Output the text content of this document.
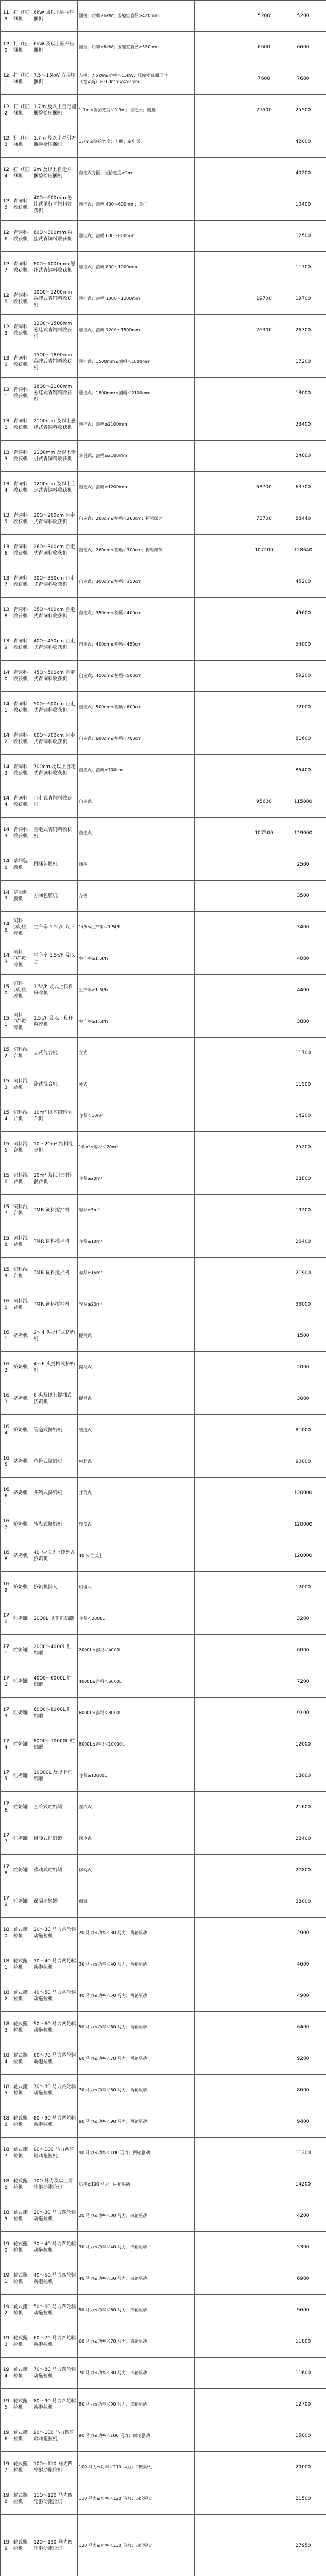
119	打（压）捆机	6kW 及以上圆捆压捆机	圆捆；功率≥6kW；压缩室直径≥420mm			5200	5200
120	打（压）捆机	6kW 及以上圆捆压捆机	圆捆；功率≥6kW；压缩室直径≥520mm			6600	6600
121	打（压）捆机	7.5～15kW 方捆压捆机	方捆；7.5kW≤功率＜15kW；压缩室截面尺寸（宽×高）≥360mm×450mm			7600	7600
122	打（压）捆机	1.7m 及以上自走圆捆捡拾压捆机	1.7m≤捡拾宽度＜1.9m；自走式；圆捆			25500	25500
123	打（压）捆机	1.7m 及以上牵引方捆捡拾压捆机	1.7m≤捡拾宽度；方捆；牵引式				42000
124	打（压）捆机	2m 及以上自走方捆捡拾压捆机	自走式方捆；捡拾宽度≥2m				40200
125	青饲料收获机	400～600mm 悬挂式单行青饲料收获机	悬挂式；割幅 400～600mm；单行				10400
126	青饲料收获机	600～800mm 悬挂式青饲料收获机	悬挂式；割幅 600～800mm				12500
127	青饲料收获机	800～1000mm 悬挂式青饲料收获机	悬挂式；割幅 800～1000mm				11700
128	青饲料收获机	1000～1200mm 悬挂式青饲料收获机	悬挂式；割幅 1000～1200mm			19700	19700
129	青饲料收获机	1200～1500mm 悬挂式青饲料收获机	悬挂式；割幅 1200～1500mm			26300	26300
130	青饲料收获机	1500～1800mm 悬挂式青饲料收获机	悬挂式；1500mm≤割幅＜1800mm				17200
131	青饲料收获机	1800～2100mm 悬挂式青饲料收获机	悬挂式；1800mm≤割幅＜2100mm				18000
132	青饲料收获机	2100mm 及以上悬挂式青饲料收获机	悬挂式；割幅≥2100mm				23400
133	青饲料收获机	2100mm 及以上牵引式青饲料收获机	牵引式；割幅≥2100mm				24000
134	青饲料收获机	1200mm 及以上自走式青饲料收获机	自走式；割幅≥1200mm			63700	63700
135	青饲料收获机	200～260cm 自走式青饲料收获机	自走式；200cm≤割幅＜260cm；籽粒破碎			73700	88440
136	青饲料收获机	260～300cm 自走式青饲料收获机	自走式；260cm≤割幅＜300cm；籽粒破碎			107200	128640
137	青饲料收获机	300～350cm 自走式青饲料收获机	自走式；300cm≤割幅＜350cm				45200
138	青饲料收获机	350～400cm 自走式青饲料收获机	自走式；350cm≤割幅＜400cm				49600
139	青饲料收获机	400～450cm 自走式青饲料收获机	自走式；400cm≤割幅＜450cm				54000
140	青饲料收获机	450～500cm 自走式青饲料收获机	自走式；450cm≤割幅＜500cm				59200
141	青饲料收获机	500～600cm 自走式青饲料收获机	自走式；500cm≤割幅＜600cm				72000
142	青饲料收获机	600～700cm 自走式青饲料收获机	自走式；600cm≤割幅＜700cm				81600
143	青饲料收获机	700cm 及以上自走式青饲料收获机	自走式；割幅≥700cm				86400
144	青饲料收获机	自走式青饲料收获机	自走式			95600	115080
145	青饲料收获机	自走式青饲料收获机	自走式			107500	129000
146	草捆包膜机	圆捆包膜机	圆捆				2500
147	草捆包膜机	方捆包膜机	方捆				3500
148	饲料(草)粉碎机	生产率 1.5t/h 以下	1t/h≤生产率＜1.5t/h				3400
149	饲料(草)粉碎机	生产率 1.5t/h 及以上	生产率≥1.5t/h				4000
150	饲料(草)粉碎机	1.5t/h 及以上饲料粉碎机	生产率≥1.5t/h				4400
151	饲料(草)粉碎机	1.5t/h 及以上秸秆粉碎机	生产率≥1.5t/h				3800
152	饲料混合机	立式混合机	立式				11700
153	饲料混合机	卧式混合机	卧式				11500
154	饲料混合机	10m³ 以下饲料混合机	容积＜10m³				14200
155	饲料混合机	10～20m³ 饲料混合机	10m³≤容积＜20m³				25200
156	饲料混合机	20m³ 及以上饲料混合机	容积≥20m³				28800
157	饲料混合机	TMR 饲料搅拌机	容积≥5m³				19200
158	饲料混合机	TMR 饲料搅拌机	容积≥10m³				26400
159	饲料混合机	TMR 饲料搅拌机	容积≥15m³				21900
160	饲料混合机	TMR 饲料搅拌机	容积≥20m³				33000
161	挤奶机	2～4 头提桶式挤奶机	提桶式				1500
162	挤奶机	4～6 头提桶式挤奶机	提桶式				2000
163	挤奶机	6 头及以上提桶式挤奶机	提桶式				3000
164	挤奶机	管道式挤奶机	管道式				81000
165	挤奶机	鱼骨式挤奶机	鱼骨式				90000
166	挤奶机	并列式挤奶机	并列式				120000
167	挤奶机	转盘式挤奶机	转盘式				120000
168	挤奶机	40 头位以上转盘式挤奶机	40 头位以上				120000
169	挤奶机	挤奶机器人	机器人				12000
170	贮奶罐	2000L 以下贮奶罐	容积＜2000L				3200
171	贮奶罐	2000～4000L 贮奶罐	2000L≤容积＜4000L				6000
172	贮奶罐	4000～6000L 贮奶罐	4000L≤容积＜6000L				7200
173	贮奶罐	6000～8000L 贮奶罐	6000L≤容积＜8000L				9100
174	贮奶罐	8000～10000L 贮奶罐	8000L≤容积＜10000L				12000
175	贮奶罐	10000L 及以上贮奶罐	容积≥10000L				18000
176	贮奶罐	直冷式贮奶罐	直冷式				21600
177	贮奶罐	间冷式贮奶罐	间冷式				22400
178	贮奶罐	移动式贮奶罐	移动式				27800
179	贮奶罐	保温运输罐	保温				38000
180	轮式拖拉机	20～30 马力两轮驱动拖拉机	20 马力≤功率＜30 马力；两轮驱动				2900
181	轮式拖拉机	30～40 马力两轮驱动拖拉机	30 马力≤功率＜40 马力；两轮驱动				4600
182	轮式拖拉机	40～50 马力两轮驱动拖拉机	40 马力≤功率＜50 马力；两轮驱动				4900
183	轮式拖拉机	50～60 马力两轮驱动拖拉机	50 马力≤功率＜60 马力；两轮驱动				6400
184	轮式拖拉机	60～70 马力两轮驱动拖拉机	60 马力≤功率＜70 马力；两轮驱动				9200
185	轮式拖拉机	70～80 马力两轮驱动拖拉机	70 马力≤功率＜80 马力；两轮驱动				8600
186	轮式拖拉机	80～90 马力两轮驱动拖拉机	80 马力≤功率＜90 马力；两轮驱动				9400
187	轮式拖拉机	90～100 马力两轮驱动拖拉机	90 马力≤功率＜100 马力；两轮驱动				11200
188	轮式拖拉机	100 马力及以上两轮驱动拖拉机	功率≥100 马力；两轮驱动				14200
189	轮式拖拉机	20～30 马力四轮驱动拖拉机	20 马力≤功率＜30 马力；四轮驱动				4200
190	轮式拖拉机	30～40 马力四轮驱动拖拉机	30 马力≤功率＜40 马力；四轮驱动				5300
191	轮式拖拉机	40～50 马力四轮驱动拖拉机	40 马力≤功率＜50 马力；四轮驱动				6900
192	轮式拖拉机	50～60 马力四轮驱动拖拉机	50 马力≤功率＜60 马力；四轮驱动				9600
193	轮式拖拉机	60～70 马力四轮驱动拖拉机	60 马力≤功率＜70 马力；四轮驱动				11800
194	轮式拖拉机	70～80 马力四轮驱动拖拉机	70 马力≤功率＜80 马力；四轮驱动				11600
195	轮式拖拉机	80～90 马力四轮驱动拖拉机	80 马力≤功率＜90 马力；四轮驱动				12700
196	轮式拖拉机	90～100 马力四轮驱动拖拉机	90 马力≤功率＜100 马力；四轮驱动				15000
197	轮式拖拉机	100～110 马力四轮驱动拖拉机	100 马力≤功率＜110 马力；四轮驱动				20000
198	轮式拖拉机	110～120 马力四轮驱动拖拉机	110 马力≤功率＜120 马力；四轮驱动				21500
199	轮式拖拉机	120～130 马力四轮驱动拖拉机	120 马力≤功率＜130 马力；四轮驱动				27950
